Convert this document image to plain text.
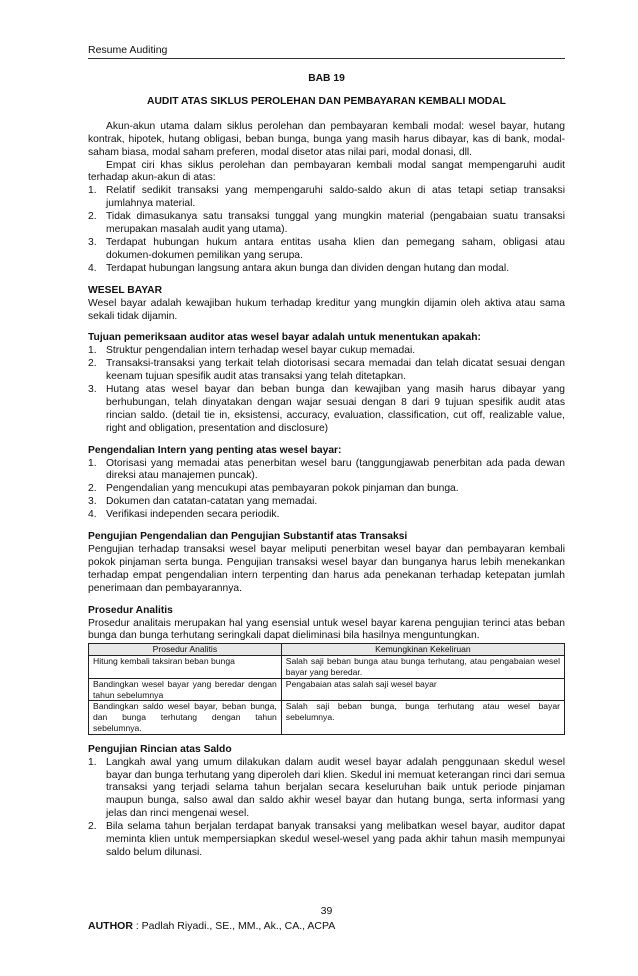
Resume Auditing
BAB 19
AUDIT ATAS SIKLUS PEROLEHAN DAN PEMBAYARAN KEMBALI MODAL

Akun-akun utama dalam siklus perolehan dan pembayaran kembali modal: wesel bayar, hutang kontrak, hipotek, hutang obligasi, beban bunga, bunga yang masih harus dibayar, kas di bank, modal-saham biasa, modal saham preferen, modal disetor atas nilai pari, modal donasi, dll.

Empat ciri khas siklus perolehan dan pembayaran kembali modal sangat mempengaruhi audit terhadap akun-akun di atas:

1. Relatif sedikit transaksi yang mempengaruhi saldo-saldo akun di atas tetapi setiap transaksi jumlahnya material.
2. Tidak dimasukanya satu transaksi tunggal yang mungkin material (pengabaian suatu transaksi merupakan masalah audit yang utama).
3. Terdapat hubungan hukum antara entitas usaha klien dan pemegang saham, obligasi atau dokumen-dokumen pemilikan yang serupa.
4. Terdapat hubungan langsung antara akun bunga dan dividen dengan hutang dan modal.
WESEL BAYAR

Wesel bayar adalah kewajiban hukum terhadap kreditur yang mungkin dijamin oleh aktiva atau sama sekali tidak dijamin.

Tujuan pemeriksaan auditor atas wesel bayar adalah untuk menentukan apakah:
1. Struktur pengendalian intern terhadap wesel bayar cukup memadai.
2. Transaksi-transaksi yang terkait telah diotorisasi secara memadai dan telah dicatat sesuai dengan keenam tujuan spesifik audit atas transaksi yang telah ditetapkan.
3. Hutang atas wesel bayar dan beban bunga dan kewajiban yang masih harus dibayar yang berhubungan, telah dinyatakan dengan wajar sesuai dengan 8 dari 9 tujuan spesifik audit atas rincian saldo. (detail tie in, eksistensi, accuracy, evaluation, classification, cut off, realizable value, right and obligation, presentation and disclosure)
Pengendalian Intern yang penting atas wesel bayar:
1. Otorisasi yang memadai atas penerbitan wesel baru (tanggungjawab penerbitan ada pada dewan direksi atau manajemen puncak).
2. Pengendalian yang mencukupi atas pembayaran pokok pinjaman dan bunga.
3. Dokumen dan catatan-catatan yang memadai.
4. Verifikasi independen secara periodik.
Pengujian Pengendalian dan Pengujian Substantif atas Transaksi

Pengujian terhadap transaksi wesel bayar meliputi penerbitan wesel bayar dan pembayaran kembali pokok pinjaman serta bunga. Pengujian transaksi wesel bayar dan bunganya harus lebih menekankan terhadap empat pengendalian intern terpenting dan harus ada penekanan terhadap ketepatan jumlah penerimaan dan pembayarannya.

Prosedur Analitis

Prosedur analitais merupakan hal yang esensial untuk wesel bayar karena pengujian terinci atas beban bunga dan bunga terhutang seringkali dapat dieliminasi bila hasilnya menguntungkan.

Prosedur Analitis	Kemungkinan Kekeliruan
Hitung kembali taksiran beban bunga	Salah saji beban bunga atau bunga terhutang, atau pengabaian wesel bayar yang beredar.
Bandingkan wesel bayar yang beredar dengan tahun sebelumnya	Pengabaian atas salah saji wesel bayar
Bandingkan saldo wesel bayar, beban bunga, dan bunga terhutang dengan tahun sebelumnya.	Salah saji beban bunga, bunga terhutang atau wesel bayar sebelumnya.
Pengujian Rincian atas Saldo
1. Langkah awal yang umum dilakukan dalam audit wesel bayar adalah penggunaan skedul wesel bayar dan bunga terhutang yang diperoleh dari klien. Skedul ini memuat keterangan rinci dari semua transaksi yang terjadi selama tahun berjalan secara keseluruhan baik untuk periode pinjaman maupun bunga, salso awal dan saldo akhir wesel bayar dan hutang bunga, serta informasi yang jelas dan rinci mengenai wesel.
2. Bila selama tahun berjalan terdapat banyak transaksi yang melibatkan wesel bayar, auditor dapat meminta klien untuk mempersiapkan skedul wesel-wesel yang pada akhir tahun masih mempunyai saldo belum dilunasi.
39
AUTHOR : Padlah Riyadi., SE., MM., Ak., CA., ACPA
